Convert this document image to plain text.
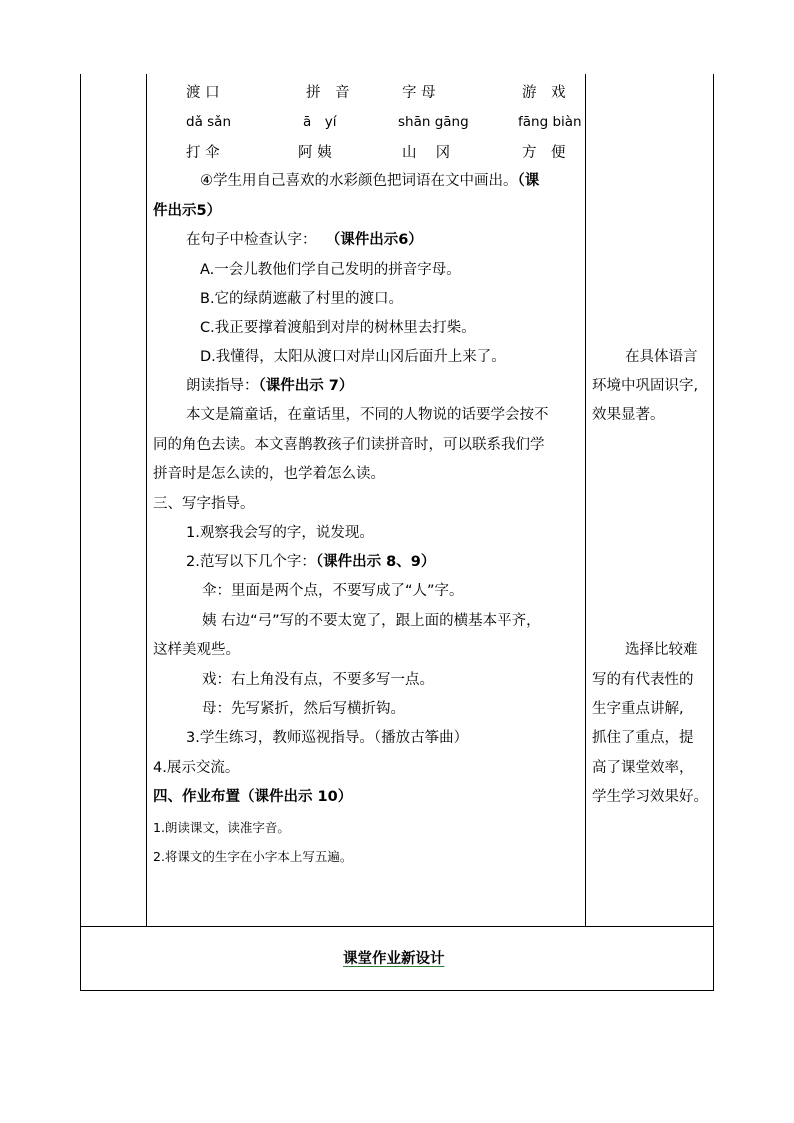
渡 口	拼　音	字 母	游　戏
dǎ sǎn	ā　yí	shān gāng	fāng biàn
打 伞	阿 姨	山　 冈	方　便
④学生用自己喜欢的水彩颜色把词语在文中画出。（课
件出示5）
在句子中检查认字： （课件出示6）
A.一会儿教他们学自己发明的拼音字母。
B.它的绿荫遮蔽了村里的渡口。
C.我正要撑着渡船到对岸的树林里去打柴。
D.我懂得，太阳从渡口对岸山冈后面升上来了。
朗读指导：（课件出示 7）
本文是篇童话，在童话里，不同的人物说的话要学会按不
同的角色去读。本文喜鹊教孩子们读拼音时，可以联系我们学
拼音时是怎么读的，也学着怎么读。
三、写字指导。
1.观察我会写的字，说发现。
2.范写以下几个字：（课件出示 8、9）
伞：里面是两个点，不要写成了“人”字。
姨 右边“弓”写的不要太宽了，跟上面的横基本平齐，
这样美观些。
戏：右上角没有点，不要多写一点。
母：先写紧折，然后写横折钩。
3.学生练习，教师巡视指导。（播放古筝曲）
4.展示交流。
四、作业布置（课件出示 10）
1.朗读课文，读准字音。
2.将课文的生字在小字本上写五遍。
在具体语言
环境中巩固识字,
效果显著。
选择比较难
写的有代表性的
生字重点讲解,
抓住了重点，提
高了课堂效率，
学生学习效果好。
课堂作业新设计
